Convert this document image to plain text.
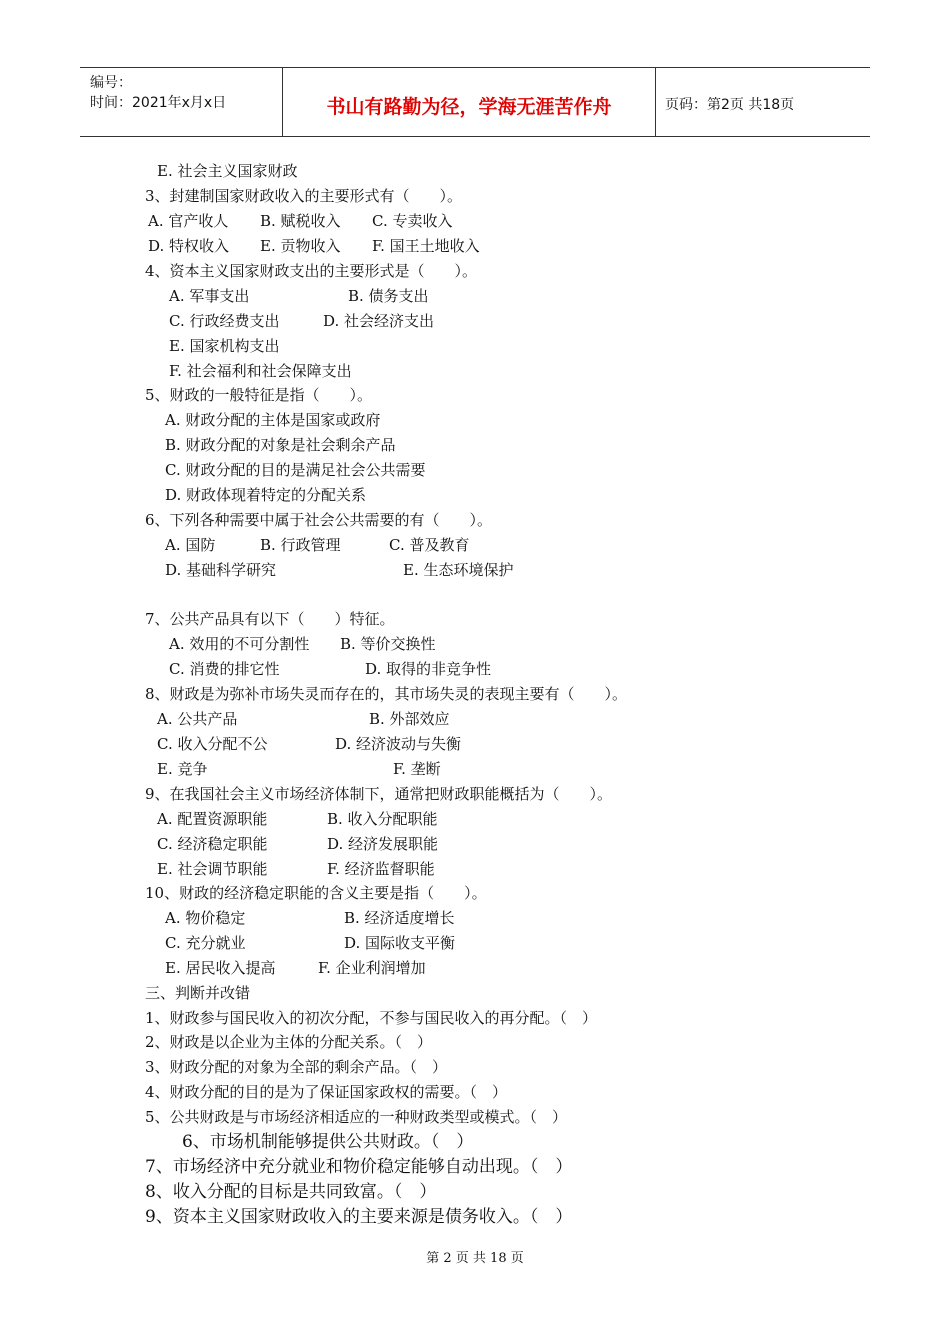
编号：
时间：2021年x月x日	书山有路勤为径，学海无涯苦作舟	页码：第2页 共18页
E. 社会主义国家财政
3、封建制国家财政收入的主要形式有（　　）。
A. 官产收人 B. 赋税收入 C. 专卖收入
D. 特权收入 E. 贡物收入 F. 国王土地收入
4、资本主义国家财政支出的主要形式是（　　）。
A. 军事支出	B. 债务支出
C. 行政经费支出	D. 社会经济支出
E. 国家机构支出
F. 社会福利和社会保障支出
5、财政的一般特征是指（　　）。
A. 财政分配的主体是国家或政府
B. 财政分配的对象是社会剩余产品
C. 财政分配的目的是满足社会公共需要
D. 财政体现着特定的分配关系
6、下列各种需要中属于社会公共需要的有（　　）。
A. 国防	B. 行政管理	C. 普及教育
D. 基础科学研究	E. 生态环境保护
7、公共产品具有以下（　　）特征。
A. 效用的不可分割性 B. 等价交换性
C. 消费的排它性	D. 取得的非竞争性
8、财政是为弥补市场失灵而存在的，其市场失灵的表现主要有（　　）。
A. 公共产品	B. 外部效应
C. 收入分配不公	D. 经济波动与失衡
E. 竞争	F. 垄断
9、在我国社会主义市场经济体制下，通常把财政职能概括为（　　）。
A. 配置资源职能	B. 收入分配职能
C. 经济稳定职能	D. 经济发展职能
E. 社会调节职能	F. 经济监督职能
10、财政的经济稳定职能的含义主要是指（　　）。
A. 物价稳定	B. 经济适度增长
C. 充分就业	D. 国际收支平衡
E. 居民收入提高	F. 企业利润增加
三、判断并改错
1、财政参与国民收入的初次分配，不参与国民收入的再分配。（　）
2、财政是以企业为主体的分配关系。（　）
3、财政分配的对象为全部的剩余产品。（　）
4、财政分配的目的是为了保证国家政权的需要。（　）
5、公共财政是与市场经济相适应的一种财政类型或模式。（　）
6、市场机制能够提供公共财政。（　）
7、市场经济中充分就业和物价稳定能够自动出现。（　）
8、收入分配的目标是共同致富。（　）
9、资本主义国家财政收入的主要来源是债务收入。（　）
第 2 页 共 18 页
